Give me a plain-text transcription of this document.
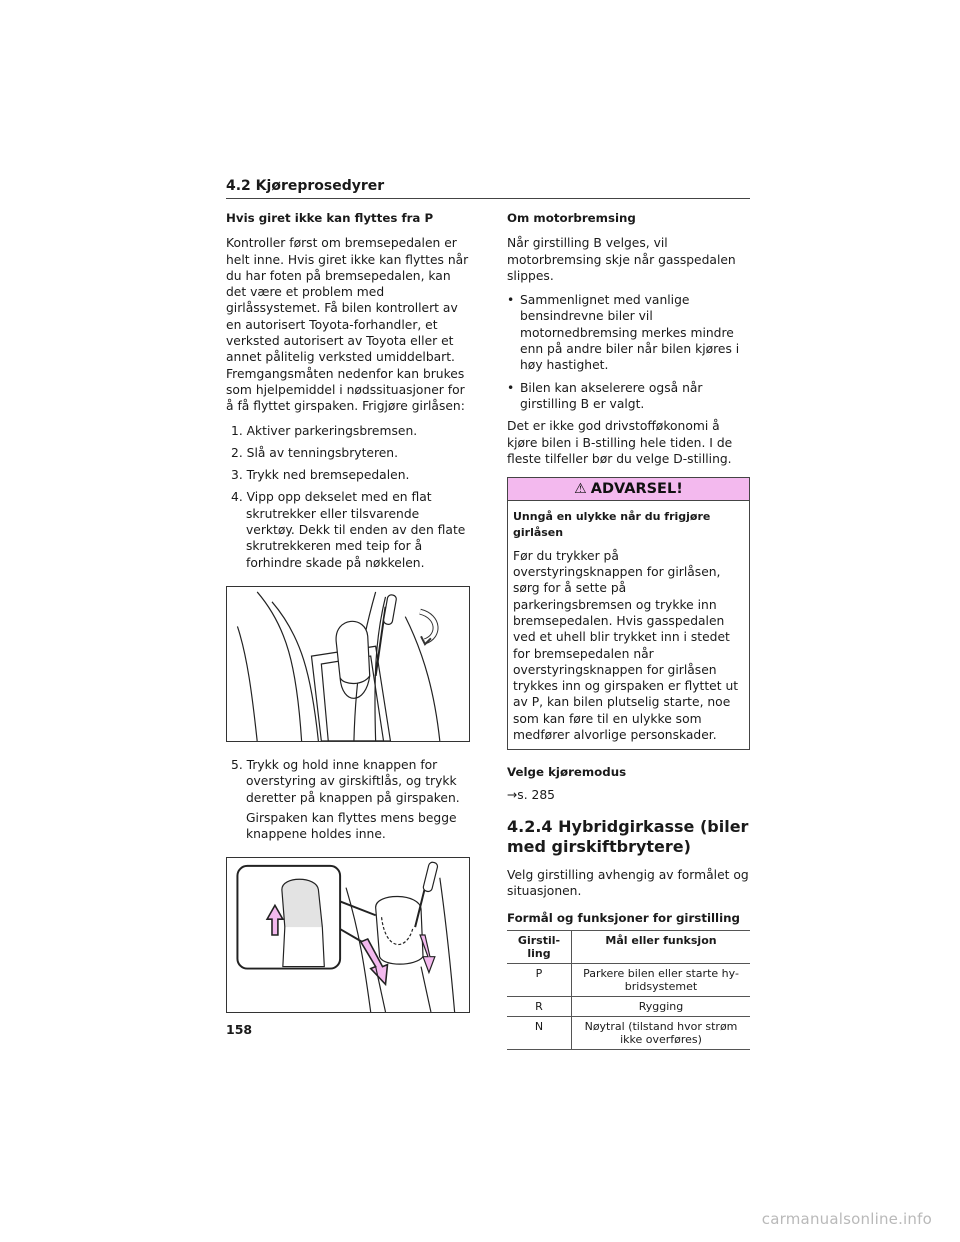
4.2 Kjøreprosedyrer
Hvis giret ikke kan flyttes fra P
Kontroller først om bremsepedalen er helt inne. Hvis giret ikke kan flyttes når du har foten på bremsepedalen, kan det være et problem med girlåssystemet. Få bilen kontrollert av en autorisert Toyota-forhandler, et verksted autorisert av Toyota eller et annet pålitelig verksted umiddelbart. Fremgangsmåten nedenfor kan brukes som hjelpemiddel i nødssituasjoner for å få flyttet girspaken. Frigjøre girlåsen:
1. Aktiver parkeringsbremsen.
2. Slå av tenningsbryteren.
3. Trykk ned bremsepedalen.
4. Vipp opp dekselet med en flat skrutrekker eller tilsvarende verktøy. Dekk til enden av den flate skrutrekkeren med teip for å forhindre skade på nøkkelen.
5. Trykk og hold inne knappen for overstyring av girskiftlås, og trykk deretter på knappen på girspaken.
Girspaken kan flyttes mens begge knappene holdes inne.
Om motorbremsing
Når girstilling B velges, vil motorbremsing skje når gasspedalen slippes.
• Sammenlignet med vanlige bensindrevne biler vil motornedbremsing merkes mindre enn på andre biler når bilen kjøres i høy hastighet.
• Bilen kan akselerere også når girstilling B er valgt.
Det er ikke god drivstofføkonomi å kjøre bilen i B-stilling hele tiden. I de fleste tilfeller bør du velge D-stilling.
⚠ ADVARSEL!
Unngå en ulykke når du frigjøre girlåsen
Før du trykker på overstyringsknappen for girlåsen, sørg for å sette på parkeringsbremsen og trykke inn bremsepedalen. Hvis gasspedalen ved et uhell blir trykket inn i stedet for bremsepedalen når overstyringsknappen for girlåsen trykkes inn og girspaken er flyttet ut av P, kan bilen plutselig starte, noe som kan føre til en ulykke som medfører alvorlige personskader.
Velge kjøremodus
→s. 285
4.2.4 Hybridgirkasse (biler med girskiftbrytere)
Velg girstilling avhengig av formålet og situasjonen.
Formål og funksjoner for girstilling
Girstil-ling	Mål eller funksjon
P	Parkere bilen eller starte hy-bridsystemet
R	Rygging
N	Nøytral (tilstand hvor strøm ikke overføres)
158
carmanualsonline.info
